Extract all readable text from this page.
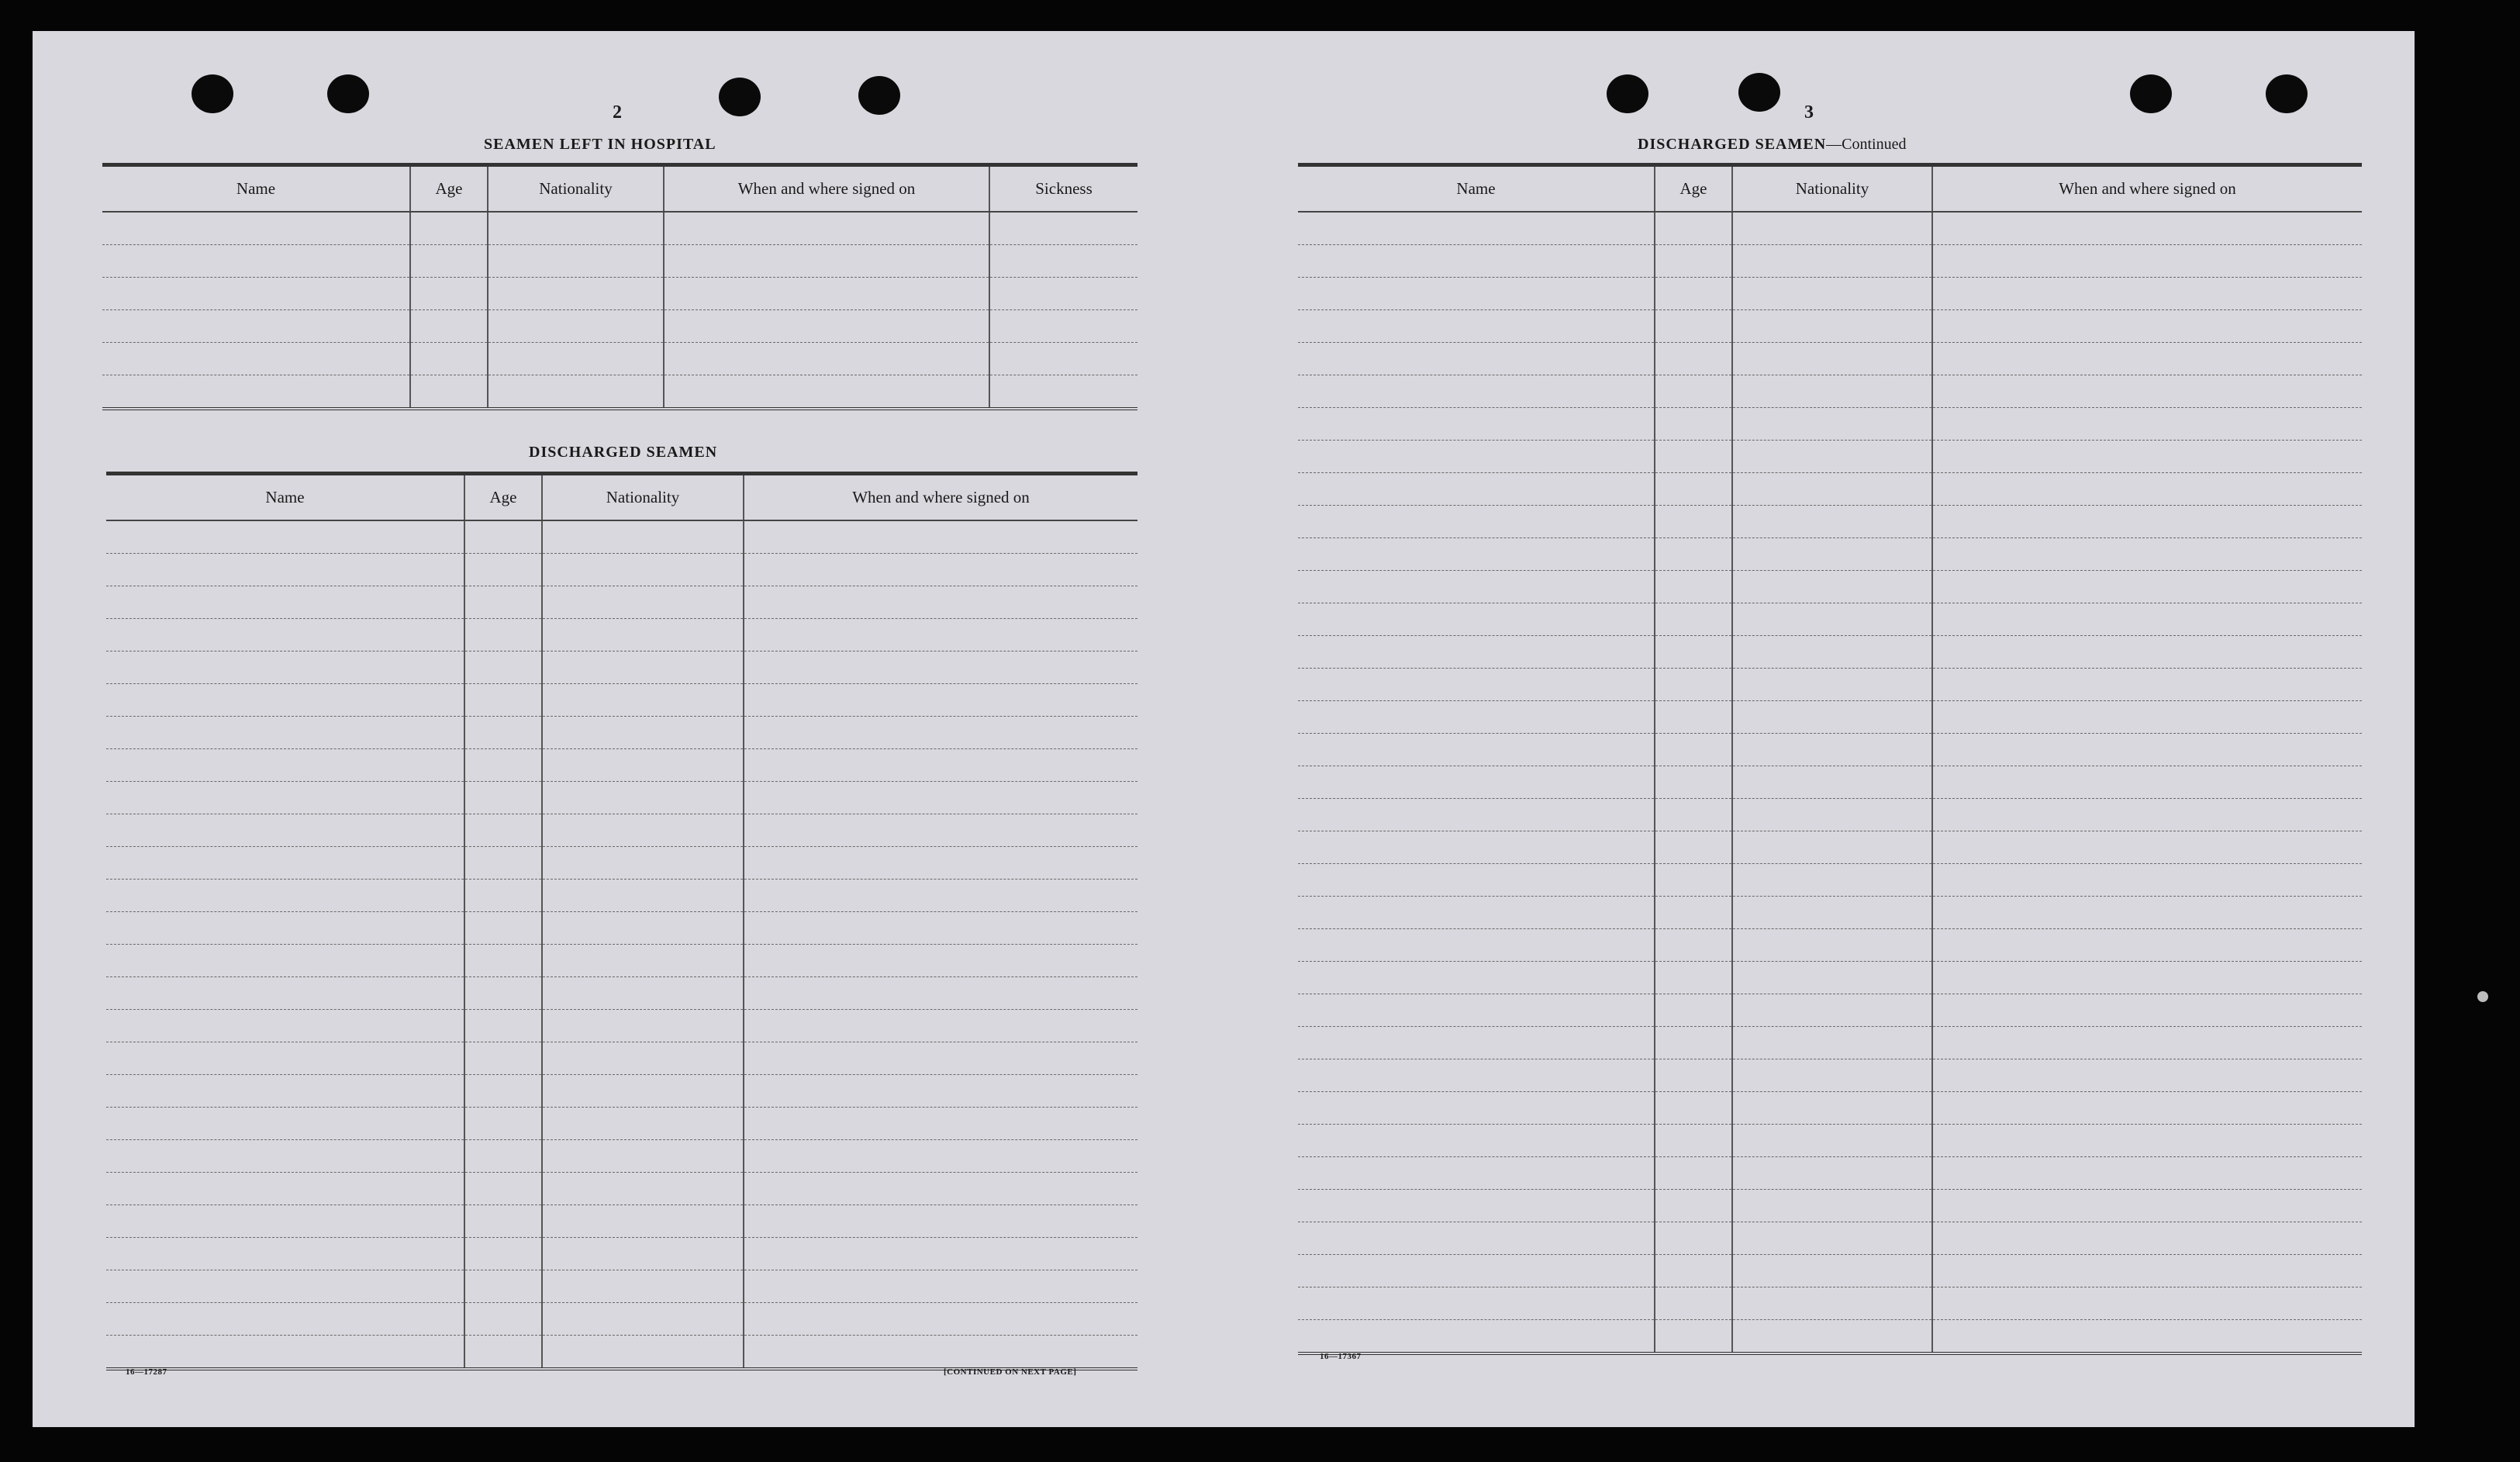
2
SEAMEN LEFT IN HOSPITAL
Name	Age	Nationality	When and where signed on	Sickness

DISCHARGED SEAMEN
Name	Age	Nationality	When and where signed on

16—17287	[CONTINUED ON NEXT PAGE]
3
DISCHARGED SEAMEN—Continued
Name	Age	Nationality	When and where signed on

16—17367
